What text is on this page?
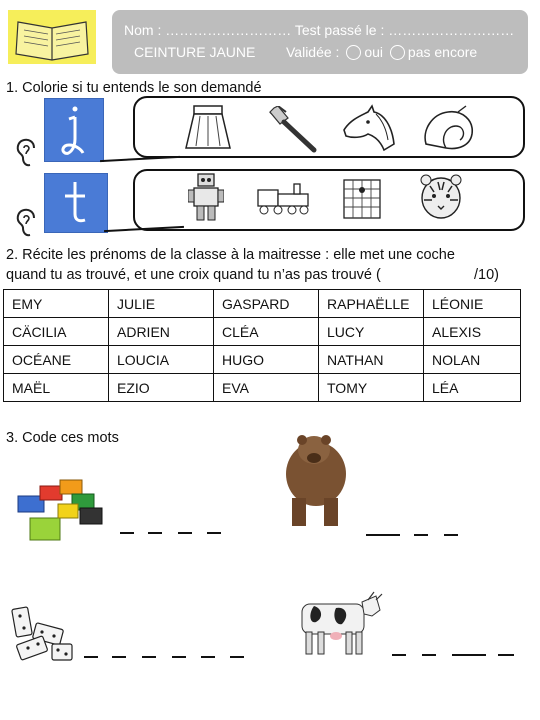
Nom : ……………………… Test passé le : ………………………
CEINTURE JAUNE Validée : oui pas encore
1. Colorie si tu entends le son demandé
2. Récite les prénoms de la classe à la maitresse : elle met une coche
quand tu as trouvé, et une croix quand tu n’as pas trouvé (	/10)
EMY	JULIE	GASPARD	RAPHAËLLE	LÉONIE
CÄCILIA	ADRIEN	CLÉA	LUCY	ALEXIS
OCÉANE	LOUCIA	HUGO	NATHAN	NOLAN
MAËL	EZIO	EVA	TOMY	LÉA
3. Code ces mots
